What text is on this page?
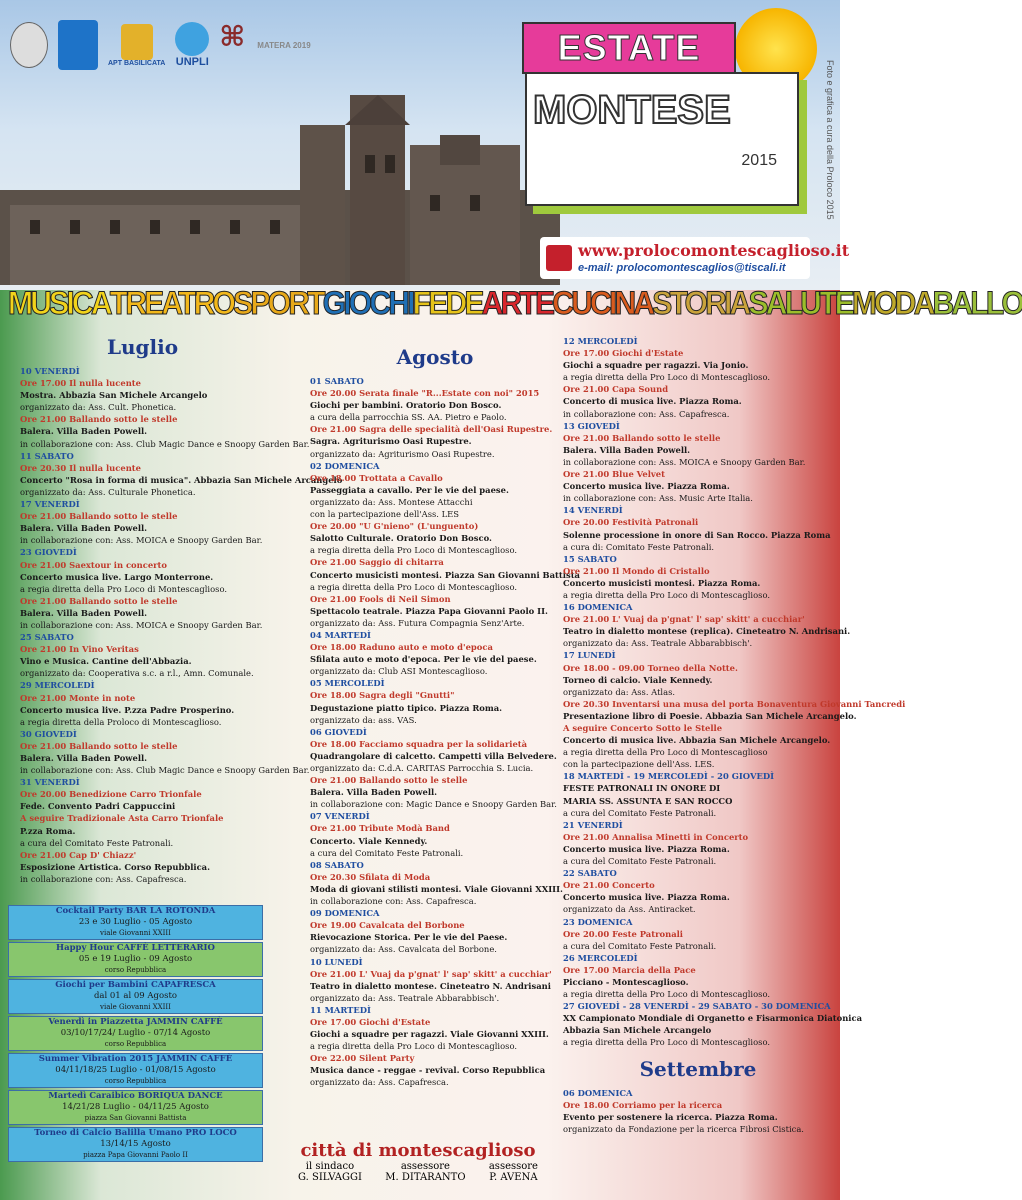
APT BASILICATA UNPLI
⌘ MATERA 2019	ESTATE
MONTESE
2015	Foto e grafica a cura della Proloco 2015
www.prolocomontescaglioso.it
e-mail: prolocomontescaglios@tiscali.it
MUSICA TREATRO SPORT GIOCHI FEDE ARTE CUCINA STORIA SALUTE MODA BALLO
Luglio

10 VENERDÌ

Ore 17.00 Il nulla lucente

Mostra. Abbazia San Michele Arcangelo

organizzato da: Ass. Cult. Phonetica.

Ore 21.00 Ballando sotto le stelle

Balera. Villa Baden Powell.

in collaborazione con: Ass. Club Magic Dance e Snoopy Garden Bar.

11 SABATO

Ore 20.30 Il nulla lucente

Concerto "Rosa in forma di musica". Abbazia San Michele Arcangelo

organizzato da: Ass. Culturale Phonetica.

17 VENERDÌ

Ore 21.00 Ballando sotto le stelle

Balera. Villa Baden Powell.

in collaborazione con: Ass. MOICA e Snoopy Garden Bar.

23 GIOVEDÌ

Ore 21.00 Saextour in concerto

Concerto musica live. Largo Monterrone.

a regia diretta della Pro Loco di Montescaglioso.

Ore 21.00 Ballando sotto le stelle

Balera. Villa Baden Powell.

in collaborazione con: Ass. MOICA e Snoopy Garden Bar.

25 SABATO

Ore 21.00 In Vino Veritas

Vino e Musica. Cantine dell'Abbazia.

organizzato da: Cooperativa s.c. a r.l., Amn. Comunale.

29 MERCOLEDÌ

Ore 21.00 Monte in note

Concerto musica live. P.zza Padre Prosperino.

a regia diretta della Proloco di Montescaglioso.

30 GIOVEDÌ

Ore 21.00 Ballando sotto le stelle

Balera. Villa Baden Powell.

in collaborazione con: Ass. Club Magic Dance e Snoopy Garden Bar.

31 VENERDÌ

Ore 20.00 Benedizione Carro Trionfale

Fede. Convento Padri Cappuccini

A seguire Tradizionale Asta Carro Trionfale

P.zza Roma.

a cura del Comitato Feste Patronali.

Ore 21.00 Cap D' Chiazz'

Esposizione Artistica. Corso Repubblica.

in collaborazione con: Ass. Capafresca.

Cocktail Party BAR LA ROTONDA
23 e 30 Luglio - 05 Agosto
viale Giovanni XXIII
Happy Hour CAFFÈ LETTERARIO
05 e 19 Luglio - 09 Agosto
corso Repubblica
Giochi per Bambini CAPAFRESCA
dal 01 al 09 Agosto
viale Giovanni XXIII
Venerdì in Piazzetta JAMMIN CAFFÈ
03/10/17/24/ Luglio - 07/14 Agosto
corso Repubblica
Summer Vibration 2015 JAMMIN CAFFÈ
04/11/18/25 Luglio - 01/08/15 Agosto
corso Repubblica
Martedì Caraibico BORIQUA DANCE
14/21/28 Luglio - 04/11/25 Agosto
piazza San Giovanni Battista
Torneo di Calcio Balilla Umano PRO LOCO
13/14/15 Agosto
piazza Papa Giovanni Paolo II
Agosto

01 SABATO

Ore 20.00 Serata finale "R...Estate con noi" 2015

Giochi per bambini. Oratorio Don Bosco.

a cura della parrocchia SS. AA. Pietro e Paolo.

Ore 21.00 Sagra delle specialità dell'Oasi Rupestre.

Sagra. Agriturismo Oasi Rupestre.

organizzato da: Agriturismo Oasi Rupestre.

02 DOMENICA

Ore 18.00 Trottata a Cavallo

Passeggiata a cavallo. Per le vie del paese.

organizzato da: Ass. Montese Attacchi

con la partecipazione dell'Ass. LES

Ore 20.00 "U G'nieno" (L'unguento)

Salotto Culturale. Oratorio Don Bosco.

a regia diretta della Pro Loco di Montescaglioso.

Ore 21.00 Saggio di chitarra

Concerto musicisti montesi. Piazza San Giovanni Battista

a regia diretta della Pro Loco di Montescaglioso.

Ore 21.00 Fools di Neil Simon

Spettacolo teatrale. Piazza Papa Giovanni Paolo II.

organizzato da: Ass. Futura Compagnia Senz'Arte.

04 MARTEDÌ

Ore 18.00 Raduno auto e moto d'epoca

Sfilata auto e moto d'epoca. Per le vie del paese.

organizzato da: Club ASI Montescaglioso.

05 MERCOLEDÌ

Ore 18.00 Sagra degli "Gnutti"

Degustazione piatto tipico. Piazza Roma.

organizzato da: ass. VAS.

06 GIOVEDÌ

Ore 18.00 Facciamo squadra per la solidarietà

Quadrangolare di calcetto. Campetti villa Belvedere.

organizzato da: C.d.A. CARITAS Parrocchia S. Lucia.

Ore 21.00 Ballando sotto le stelle

Balera. Villa Baden Powell.

in collaborazione con: Magic Dance e Snoopy Garden Bar.

07 VENERDÌ

Ore 21.00 Tribute Modà Band

Concerto. Viale Kennedy.

a cura del Comitato Feste Patronali.

08 SABATO

Ore 20.30 Sfilata di Moda

Moda di giovani stilisti montesi. Viale Giovanni XXIII.

in collaborazione con: Ass. Capafresca.

09 DOMENICA

Ore 19.00 Cavalcata del Borbone

Rievocazione Storica. Per le vie del Paese.

organizzato da: Ass. Cavalcata del Borbone.

10 LUNEDÌ

Ore 21.00 L' Vuaj da p'gnat' l' sap' skitt' a cucchiar'

Teatro in dialetto montese. Cineteatro N. Andrisani

organizzato da: Ass. Teatrale Abbarabbisch'.

11 MARTEDÌ

Ore 17.00 Giochi d'Estate

Giochi a squadre per ragazzi. Viale Giovanni XXIII.

a regia diretta della Pro Loco di Montescaglioso.

Ore 22.00 Silent Party

Musica dance - reggae - revival. Corso Repubblica

organizzato da: Ass. Capafresca.

12 MERCOLEDÌ

Ore 17.00 Giochi d'Estate

Giochi a squadre per ragazzi. Via Jonio.

a regia diretta della Pro Loco di Montescaglioso.

Ore 21.00 Capa Sound

Concerto di musica live. Piazza Roma.

in collaborazione con: Ass. Capafresca.

13 GIOVEDÌ

Ore 21.00 Ballando sotto le stelle

Balera. Villa Baden Powell.

in collaborazione con: Ass. MOICA e Snoopy Garden Bar.

Ore 21.00 Blue Velvet

Concerto musica live. Piazza Roma.

in collaborazione con: Ass. Music Arte Italia.

14 VENERDÌ

Ore 20.00 Festività Patronali

Solenne processione in onore di San Rocco. Piazza Roma

a cura di: Comitato Feste Patronali.

15 SABATO

Ore 21.00 Il Mondo di Cristallo

Concerto musicisti montesi. Piazza Roma.

a regia diretta della Pro Loco di Montescaglioso.

16 DOMENICA

Ore 21.00 L' Vuaj da p'gnat' l' sap' skitt' a cucchiar'

Teatro in dialetto montese (replica). Cineteatro N. Andrisani.

organizzato da: Ass. Teatrale Abbarabbisch'.

17 LUNEDÌ

Ore 18.00 - 09.00 Torneo della Notte.

Torneo di calcio. Viale Kennedy.

organizzato da: Ass. Atlas.

Ore 20.30 Inventarsi una musa del porta Bonaventura Giovanni Tancredi

Presentazione libro di Poesie. Abbazia San Michele Arcangelo.

A seguire Concerto Sotto le Stelle

Concerto di musica live. Abbazia San Michele Arcangelo.

a regia diretta della Pro Loco di Montescaglioso

con la partecipazione dell'Ass. LES.

18 MARTEDÌ - 19 MERCOLEDÌ - 20 GIOVEDÌ

FESTE PATRONALI IN ONORE DI

MARIA SS. ASSUNTA E SAN ROCCO

a cura del Comitato Feste Patronali.

21 VENERDÌ

Ore 21.00 Annalisa Minetti in Concerto

Concerto musica live. Piazza Roma.

a cura del Comitato Feste Patronali.

22 SABATO

Ore 21.00 Concerto

Concerto musica live. Piazza Roma.

organizzato da Ass. Antiracket.

23 DOMENICA

Ore 20.00 Feste Patronali

a cura del Comitato Feste Patronali.

26 MERCOLEDÌ

Ore 17.00 Marcia della Pace

Picciano - Montescaglioso.

a regia diretta della Pro Loco di Montescaglioso.

27 GIOVEDÌ - 28 VENERDÌ - 29 SABATO - 30 DOMENICA

XX Campionato Mondiale di Organetto e Fisarmonica Diatonica

Abbazia San Michele Arcangelo

a regia diretta della Pro Loco di Montescaglioso.

Settembre

06 DOMENICA

Ore 18.00 Corriamo per la ricerca

Evento per sostenere la ricerca. Piazza Roma.

organizzato da Fondazione per la ricerca Fibrosi Cistica.

città di montescaglioso
il sindaco
G. SILVAGGI
assessore
M. DITARANTO
assessore
P. AVENA
